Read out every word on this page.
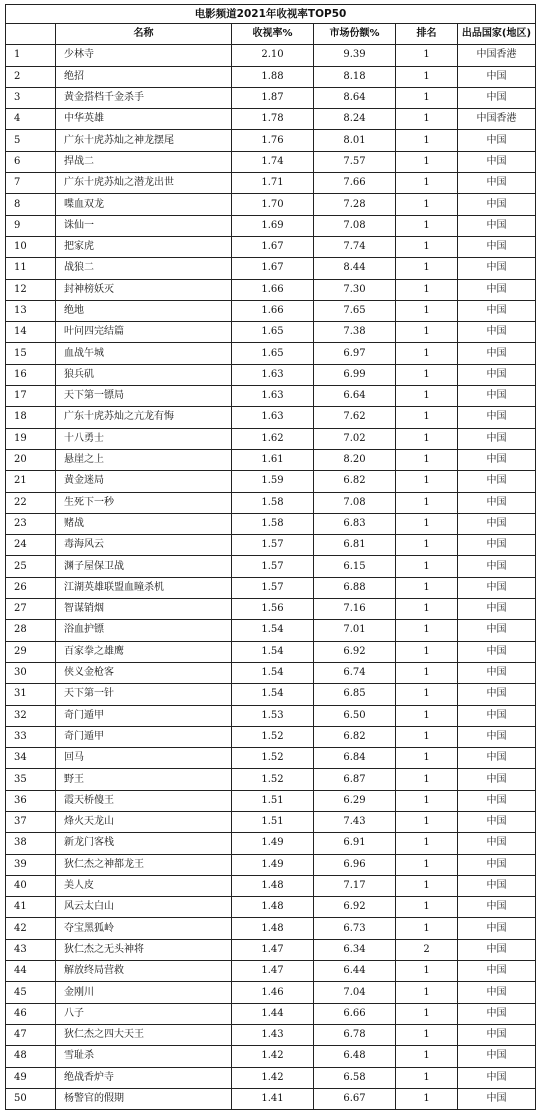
电影频道2021年收视率TOP50
	名称	收视率%	市场份额%	排名	出品国家(地区)
1	少林寺	2.10	9.39	1	中国香港
2	绝招	1.88	8.18	1	中国
3	黄金搭档千金杀手	1.87	8.64	1	中国
4	中华英雄	1.78	8.24	1	中国香港
5	广东十虎苏灿之神龙摆尾	1.76	8.01	1	中国
6	捍战二	1.74	7.57	1	中国
7	广东十虎苏灿之潜龙出世	1.71	7.66	1	中国
8	喋血双龙	1.70	7.28	1	中国
9	诛仙一	1.69	7.08	1	中国
10	把家虎	1.67	7.74	1	中国
11	战狼二	1.67	8.44	1	中国
12	封神榜妖灭	1.66	7.30	1	中国
13	绝地	1.66	7.65	1	中国
14	叶问四完结篇	1.65	7.38	1	中国
15	血战午城	1.65	6.97	1	中国
16	狼兵矶	1.63	6.99	1	中国
17	天下第一镖局	1.63	6.64	1	中国
18	广东十虎苏灿之亢龙有悔	1.63	7.62	1	中国
19	十八勇士	1.62	7.02	1	中国
20	悬崖之上	1.61	8.20	1	中国
21	黄金迷局	1.59	6.82	1	中国
22	生死下一秒	1.58	7.08	1	中国
23	赌战	1.58	6.83	1	中国
24	毒海风云	1.57	6.81	1	中国
25	渊子屋保卫战	1.57	6.15	1	中国
26	江湖英雄联盟血瞳杀机	1.57	6.88	1	中国
27	智谋销烟	1.56	7.16	1	中国
28	浴血护镖	1.54	7.01	1	中国
29	百家拳之雄鹰	1.54	6.92	1	中国
30	侠义金枪客	1.54	6.74	1	中国
31	天下第一针	1.54	6.85	1	中国
32	奇门遁甲	1.53	6.50	1	中国
33	奇门遁甲	1.52	6.82	1	中国
34	回马	1.52	6.84	1	中国
35	野王	1.52	6.87	1	中国
36	霞天桥傻王	1.51	6.29	1	中国
37	烽火天龙山	1.51	7.43	1	中国
38	新龙门客栈	1.49	6.91	1	中国
39	狄仁杰之神都龙王	1.49	6.96	1	中国
40	美人皮	1.48	7.17	1	中国
41	风云太白山	1.48	6.92	1	中国
42	夺宝黑狐岭	1.48	6.73	1	中国
43	狄仁杰之无头神将	1.47	6.34	2	中国
44	解放终局营救	1.47	6.44	1	中国
45	金刚川	1.46	7.04	1	中国
46	八子	1.44	6.66	1	中国
47	狄仁杰之四大天王	1.43	6.78	1	中国
48	雪耻杀	1.42	6.48	1	中国
49	绝战香炉寺	1.42	6.58	1	中国
50	杨警官的假期	1.41	6.67	1	中国
